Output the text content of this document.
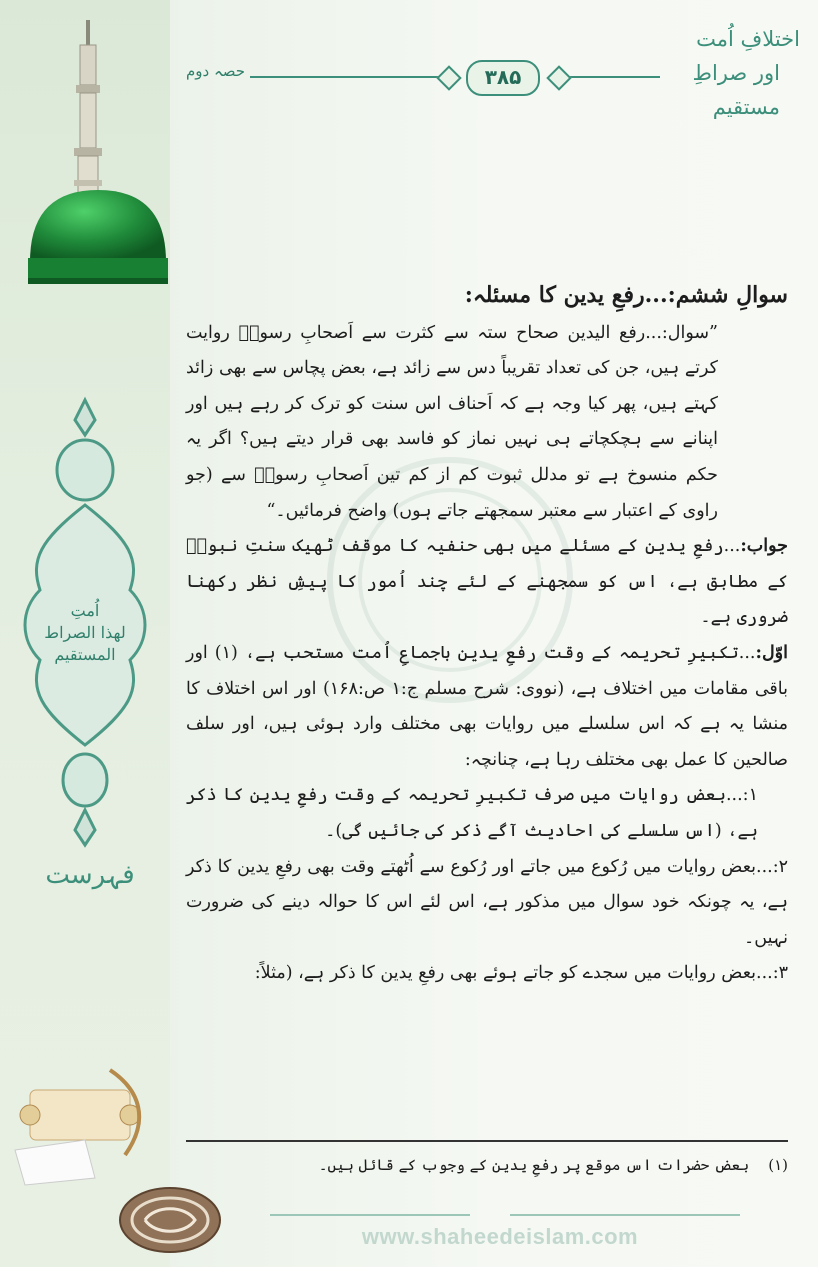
اُمتِ
لھذا الصراط المستقیم
فہرست
اختلافِ اُمت
اور صراطِ مستقیم
حصہ دوم	۳۸۵

سوالِ ششم:...رفعِ یدین کا مسئلہ:

”سوال:...رفع الیدین صحاح ستہ سے کثرت سے اَصحابِ رسولؐ روایت کرتے ہیں، جن کی تعداد تقریباً دس سے زائد ہے، بعض پچاس سے بھی زائد کہتے ہیں، پھر کیا وجہ ہے کہ اَحناف اس سنت کو ترک کر رہے ہیں اور اپنانے سے ہچکچاتے ہی نہیں نماز کو فاسد بھی قرار دیتے ہیں؟ اگر یہ حکم منسوخ ہے تو مدلل ثبوت کم از کم تین اَصحابِ رسولؐ سے (جو راوی کے اعتبار سے معتبر سمجھتے جاتے ہوں) واضح فرمائیں۔“

جواب:...رفعِ یدین کے مسئلے میں بھی حنفیہ کا موقف ٹھیک سنتِ نبویؐ کے مطابق ہے، اس کو سمجھنے کے لئے چند اُمور کا پیشِ نظر رکھنا ضروری ہے۔

اوّل:...تکبیرِ تحریمہ کے وقت رفعِ یدین باجماعِ اُمت مستحب ہے، (۱) اور باقی مقامات میں اختلاف ہے، (نووی: شرح مسلم ج:۱ ص:۱۶۸) اور اس اختلاف کا منشا یہ ہے کہ اس سلسلے میں روایات بھی مختلف وارد ہوئی ہیں، اور سلف صالحین کا عمل بھی مختلف رہا ہے، چنانچہ:

۱:...بعض روایات میں صرف تکبیرِ تحریمہ کے وقت رفعِ یدین کا ذکر ہے، (اس سلسلے کی احادیث آگے ذکر کی جائیں گی)۔

۲:...بعض روایات میں رُکوع میں جاتے اور رُکوع سے اُٹھتے وقت بھی رفعِ یدین کا ذکر ہے، یہ چونکہ خود سوال میں مذکور ہے، اس لئے اس کا حوالہ دینے کی ضرورت نہیں۔

۳:...بعض روایات میں سجدے کو جاتے ہوئے بھی رفعِ یدین کا ذکر ہے، (مثلاً:

(۱)    بعض حضرات اس موقع پر رفعِ یدین کے وجوب کے قائل ہیں۔
www.shaheedeislam.com
